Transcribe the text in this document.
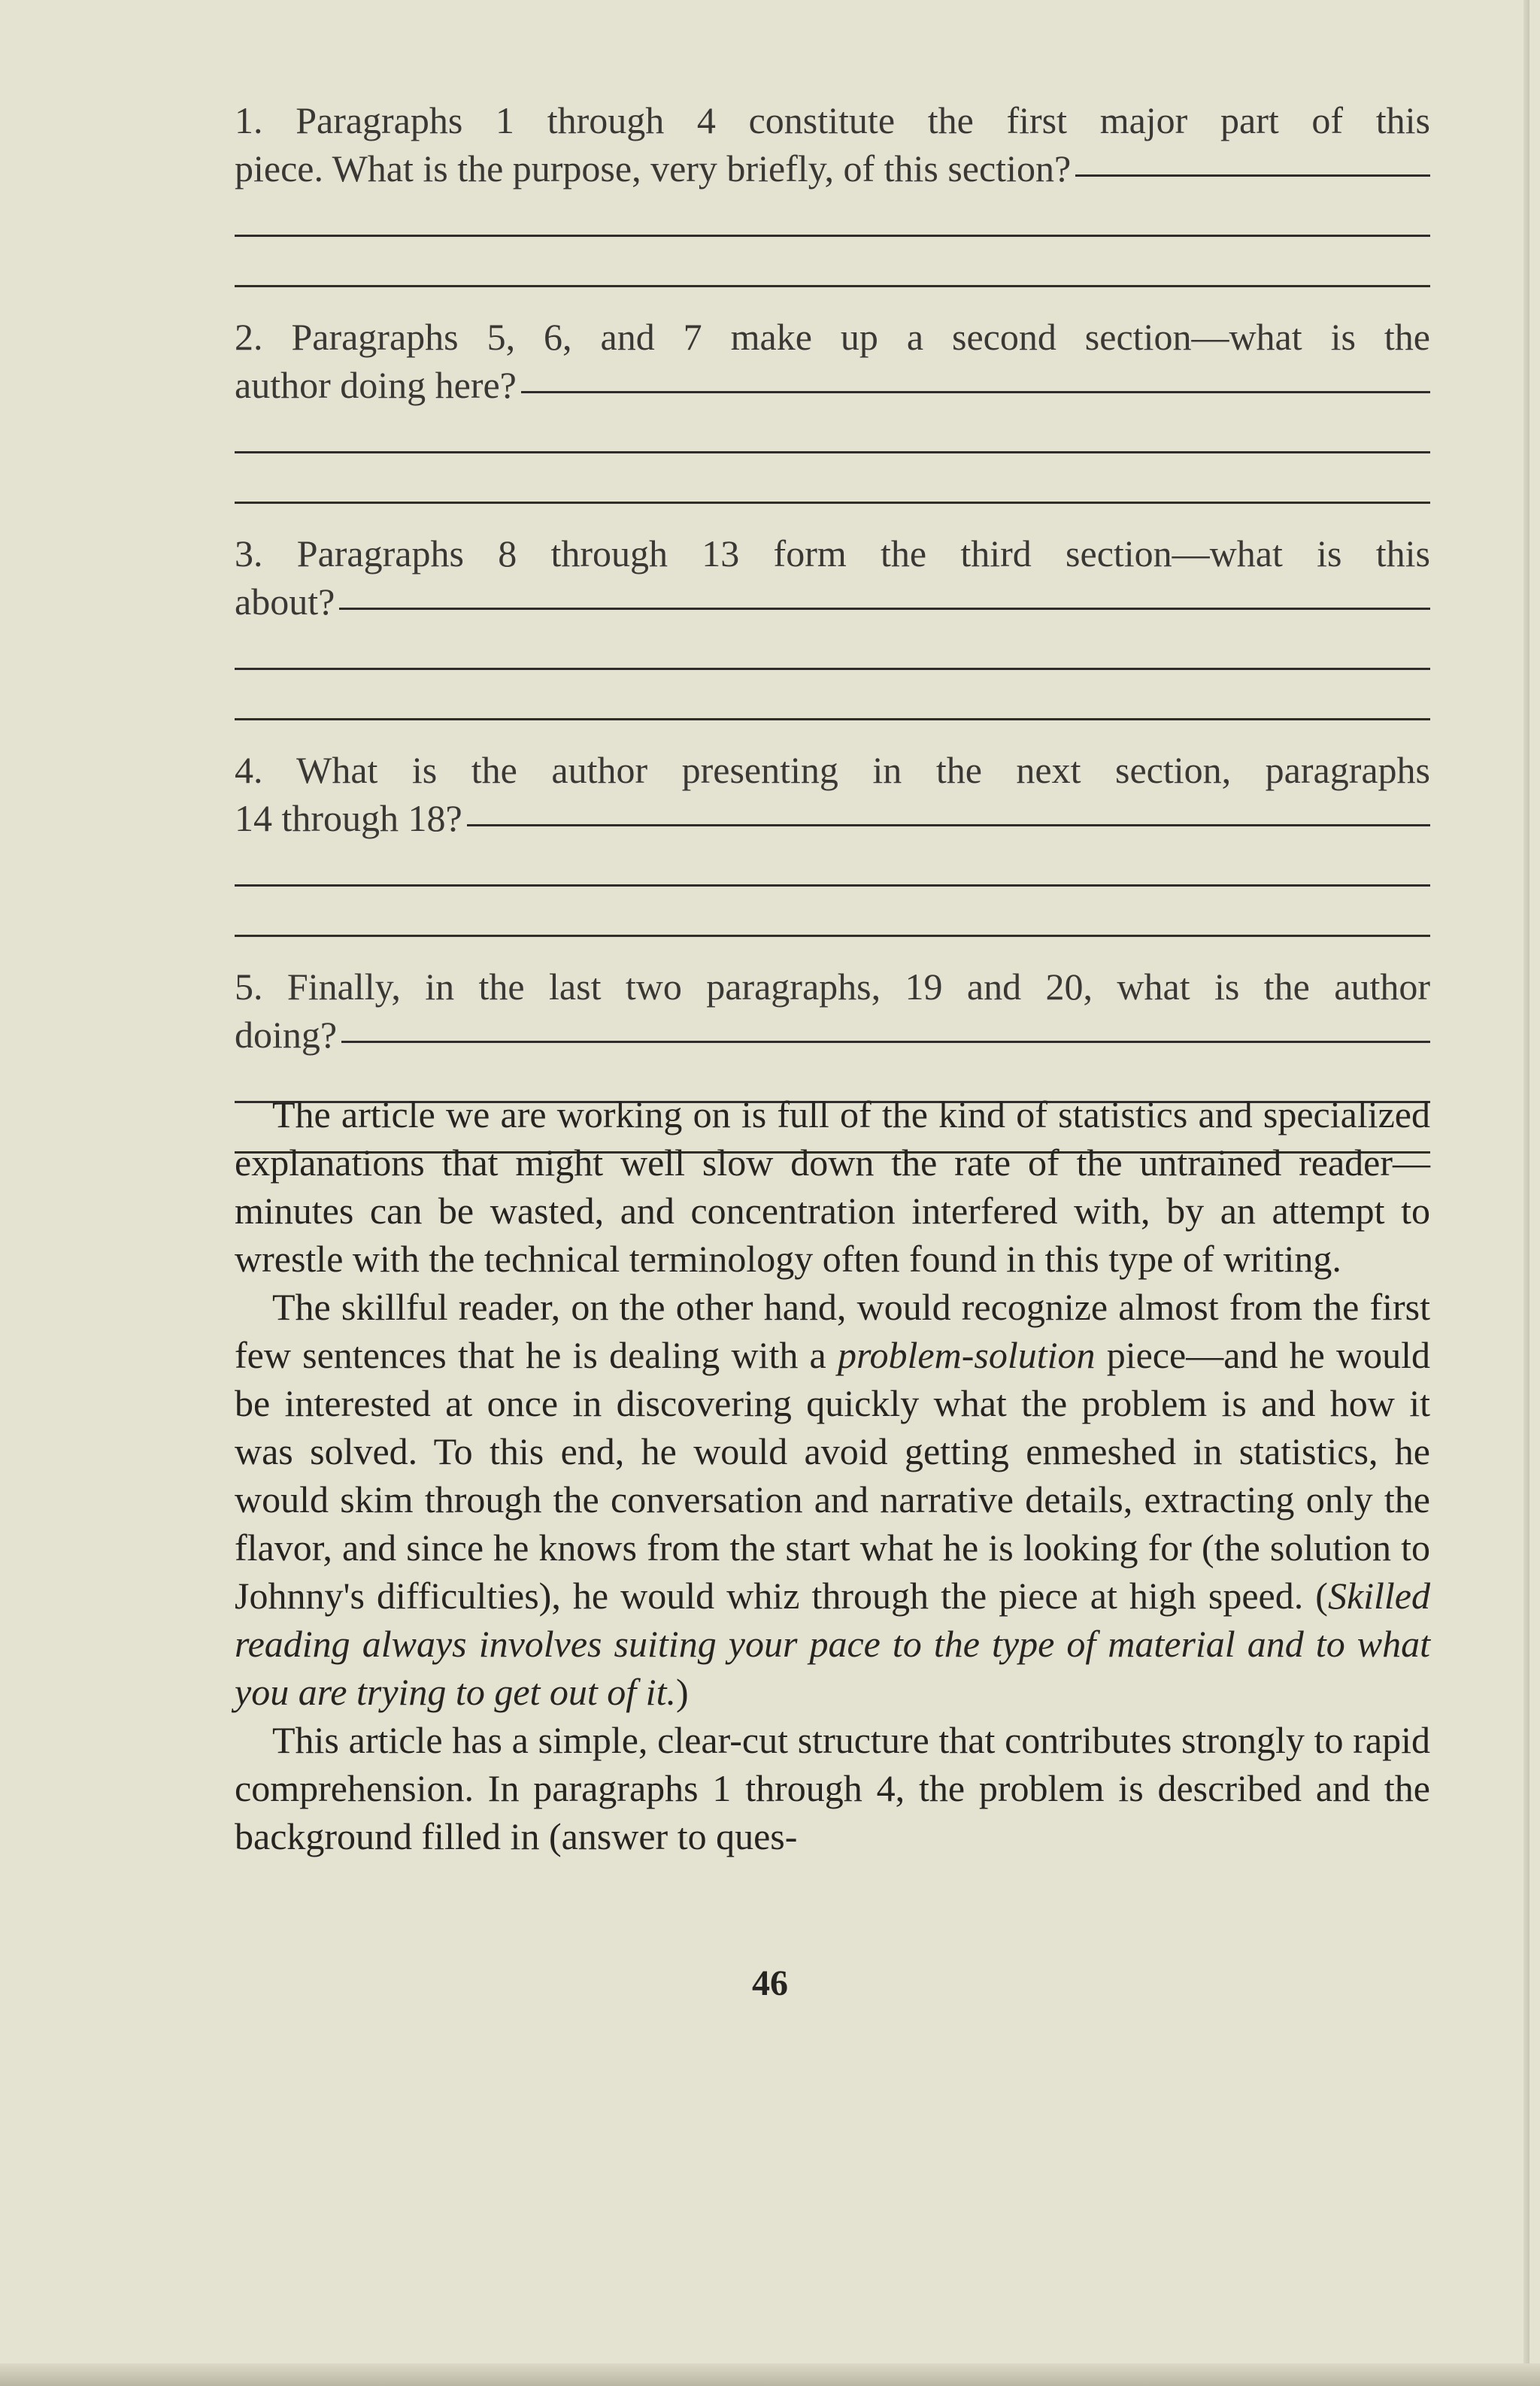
1. Paragraphs 1 through 4 constitute the first major part of this
piece. What is the purpose, very briefly, of this section?
2. Paragraphs 5, 6, and 7 make up a second section—what is the
author doing here?
3. Paragraphs 8 through 13 form the third section—what is this
about?
4. What is the author presenting in the next section, paragraphs
14 through 18?
5. Finally, in the last two paragraphs, 19 and 20, what is the author
doing?

The article we are working on is full of the kind of statistics and specialized explanations that might well slow down the rate of the untrained reader—minutes can be wasted, and concentration interfered with, by an attempt to wrestle with the technical terminology often found in this type of writing.

The skillful reader, on the other hand, would recognize almost from the first few sentences that he is dealing with a problem-solution piece—and he would be interested at once in discovering quickly what the problem is and how it was solved. To this end, he would avoid getting enmeshed in statistics, he would skim through the conversation and narrative details, extracting only the flavor, and since he knows from the start what he is looking for (the solution to Johnny's difficulties), he would whiz through the piece at high speed. (Skilled reading always involves suiting your pace to the type of material and to what you are trying to get out of it.)

This article has a simple, clear-cut structure that contributes strongly to rapid comprehension. In paragraphs 1 through 4, the problem is described and the background filled in (answer to ques-

46
